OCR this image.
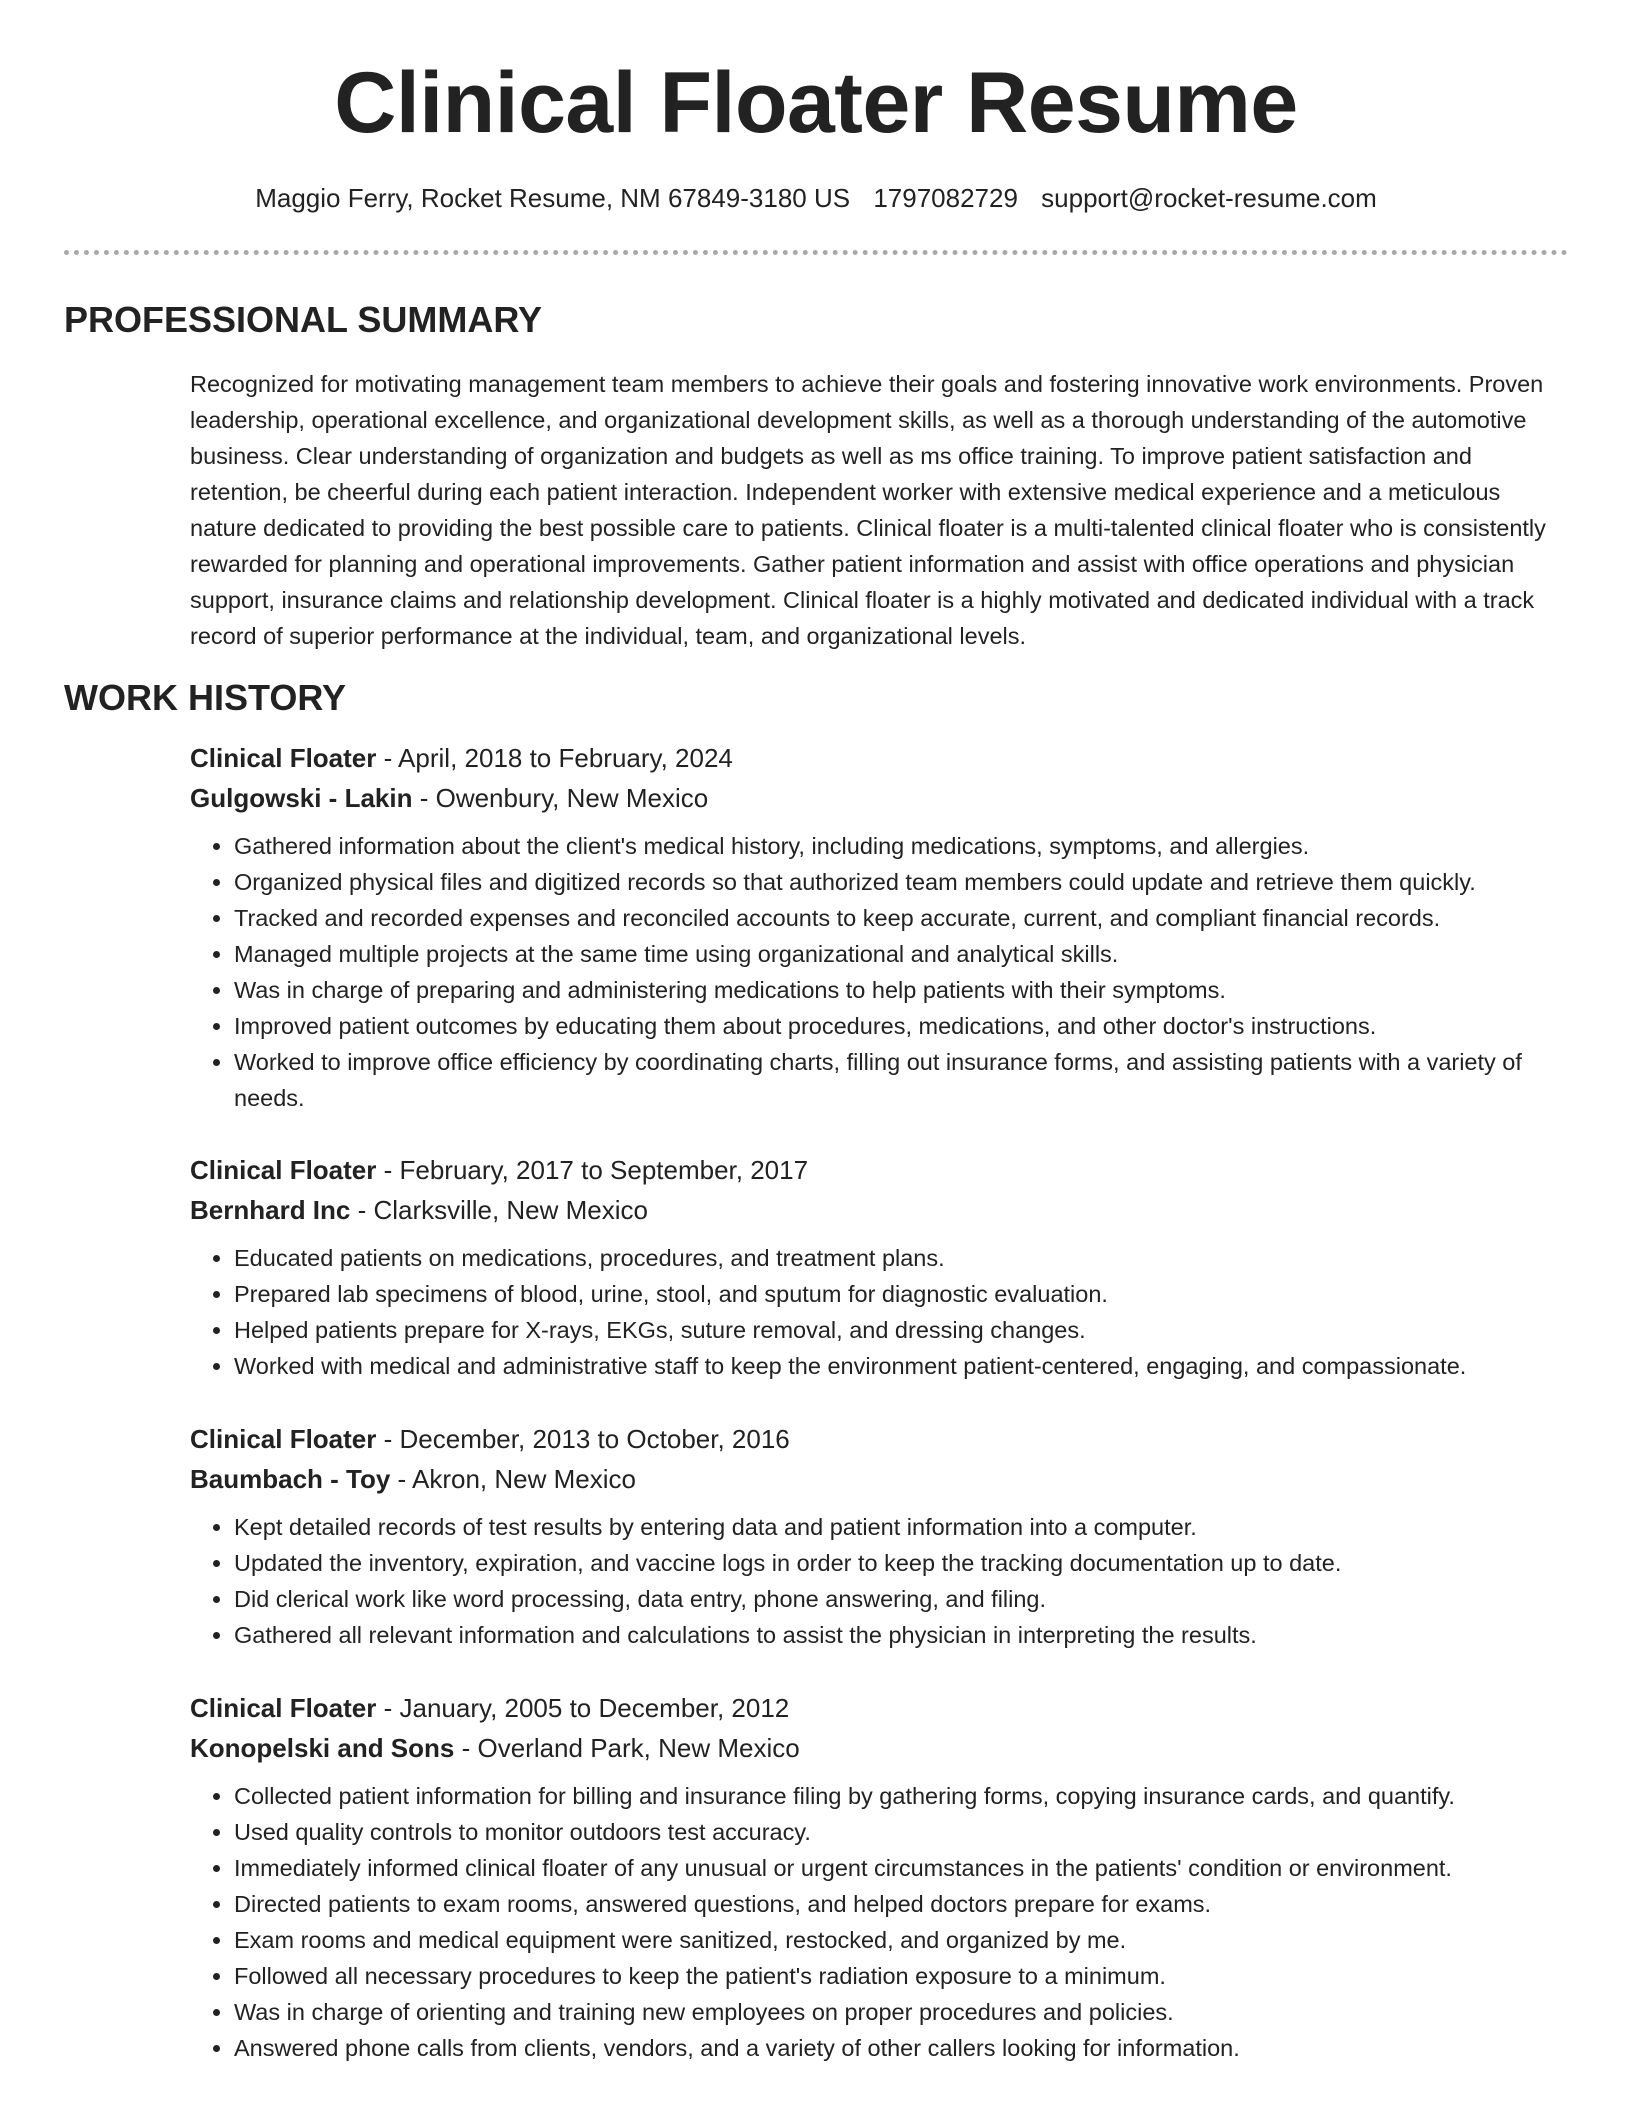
Clinical Floater Resume
Maggio Ferry, Rocket Resume, NM 67849-3180 US 1797082729 support@rocket-resume.com
PROFESSIONAL SUMMARY

Recognized for motivating management team members to achieve their goals and fostering innovative work environments. Proven leadership, operational excellence, and organizational development skills, as well as a thorough understanding of the automotive business. Clear understanding of organization and budgets as well as ms office training. To improve patient satisfaction and retention, be cheerful during each patient interaction. Independent worker with extensive medical experience and a meticulous nature dedicated to providing the best possible care to patients. Clinical floater is a multi-talented clinical floater who is consistently rewarded for planning and operational improvements. Gather patient information and assist with office operations and physician support, insurance claims and relationship development. Clinical floater is a highly motivated and dedicated individual with a track record of superior performance at the individual, team, and organizational levels.

WORK HISTORY
Clinical Floater - April, 2018 to February, 2024
Gulgowski - Lakin - Owenbury, New Mexico
• Gathered information about the client's medical history, including medications, symptoms, and allergies.
• Organized physical files and digitized records so that authorized team members could update and retrieve them quickly.
• Tracked and recorded expenses and reconciled accounts to keep accurate, current, and compliant financial records.
• Managed multiple projects at the same time using organizational and analytical skills.
• Was in charge of preparing and administering medications to help patients with their symptoms.
• Improved patient outcomes by educating them about procedures, medications, and other doctor's instructions.
• Worked to improve office efficiency by coordinating charts, filling out insurance forms, and assisting patients with a variety of needs.
Clinical Floater - February, 2017 to September, 2017
Bernhard Inc - Clarksville, New Mexico
• Educated patients on medications, procedures, and treatment plans.
• Prepared lab specimens of blood, urine, stool, and sputum for diagnostic evaluation.
• Helped patients prepare for X-rays, EKGs, suture removal, and dressing changes.
• Worked with medical and administrative staff to keep the environment patient-centered, engaging, and compassionate.
Clinical Floater - December, 2013 to October, 2016
Baumbach - Toy - Akron, New Mexico
• Kept detailed records of test results by entering data and patient information into a computer.
• Updated the inventory, expiration, and vaccine logs in order to keep the tracking documentation up to date.
• Did clerical work like word processing, data entry, phone answering, and filing.
• Gathered all relevant information and calculations to assist the physician in interpreting the results.
Clinical Floater - January, 2005 to December, 2012
Konopelski and Sons - Overland Park, New Mexico
• Collected patient information for billing and insurance filing by gathering forms, copying insurance cards, and quantify.
• Used quality controls to monitor outdoors test accuracy.
• Immediately informed clinical floater of any unusual or urgent circumstances in the patients' condition or environment.
• Directed patients to exam rooms, answered questions, and helped doctors prepare for exams.
• Exam rooms and medical equipment were sanitized, restocked, and organized by me.
• Followed all necessary procedures to keep the patient's radiation exposure to a minimum.
• Was in charge of orienting and training new employees on proper procedures and policies.
• Answered phone calls from clients, vendors, and a variety of other callers looking for information.
